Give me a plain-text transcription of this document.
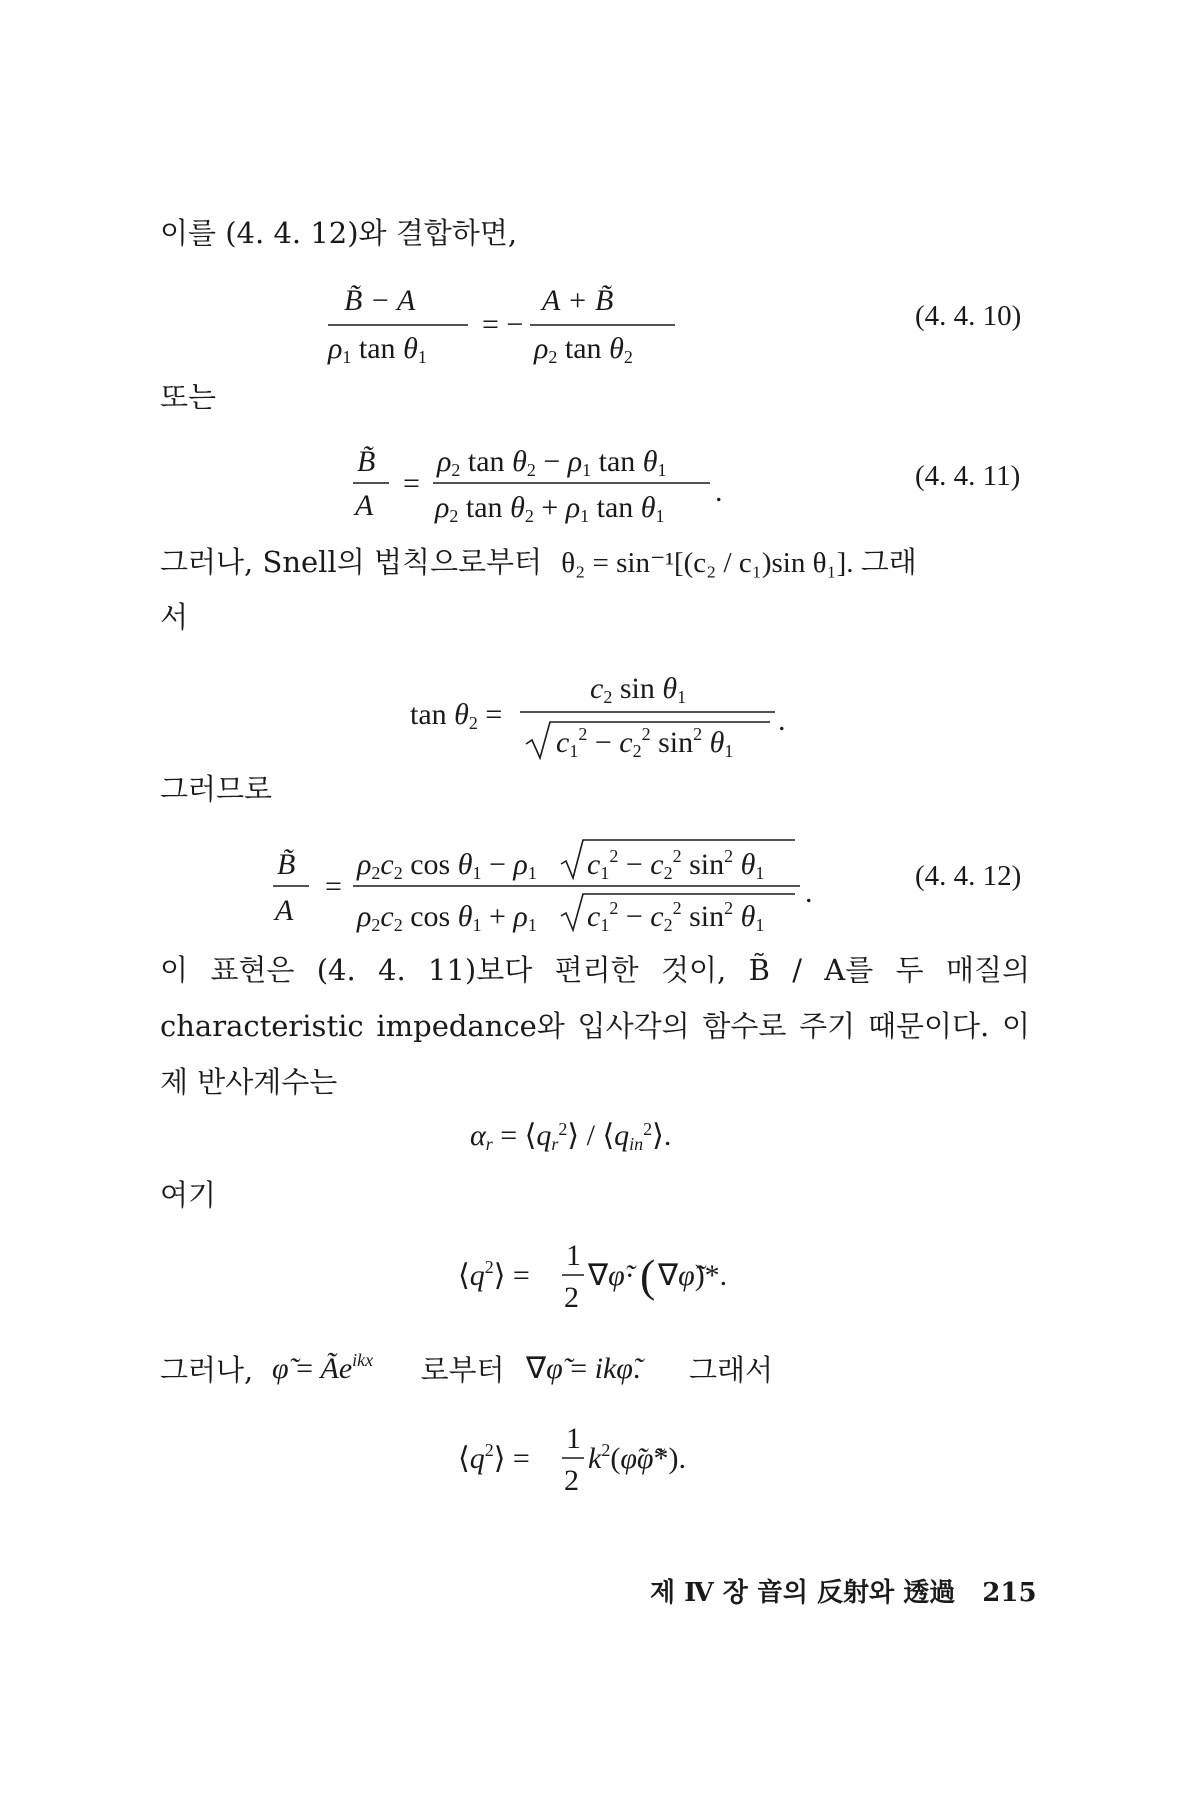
이를 (4. 4. 12)와 결합하면,
B̃ − A
ρ1 tan θ1
= −
A + B̃
ρ2 tan θ2
(4. 4. 10)
또는
B̃
A
=
ρ2 tan θ2 − ρ1 tan θ1
ρ2 tan θ2 + ρ1 tan θ1
.	(4. 4. 11)
그러나, Snell의 법칙으로부터 θ₂ = sin⁻¹[(c₂ / c₁)sin θ₁]. 그래
서
tan θ2 =
c2 sin θ1
$c1^2 - c2^2$ $\sin^2 \theta 1$
.
그러므로
B̃
A
=
ρ2c2 cos θ1 − ρ1 $c1^2 - c2^2$ $\sin^2 \theta 1$
ρ2c2 cos θ1 + ρ1 $c1^2 - c2^2$ $\sin^2 \theta 1$
.	(4. 4. 12)
이 표현은 (4. 4. 11)보다 편리한 것이, B̃ / A를 두 매질의 characteristic impedance와 입사각의 함수로 주기 때문이다. 이제 반사계수는
$\alpha r = ⟨qr^2⟩$ / ⟨qin$^2$⟩.
여기
$⟨q^2⟩$ =
1
2
∇φ̃· ( ∇φ̃)*.
그러나, φ̃ = $Ãe^{ikx}$ 로부터 ∇φ̃ = ikφ̃. 그래서
$⟨q^2⟩$ =
1
2
$k^2(\varphĩ\varphĩ*)$.
제 Ⅳ 장 音의 反射와 透過 215
